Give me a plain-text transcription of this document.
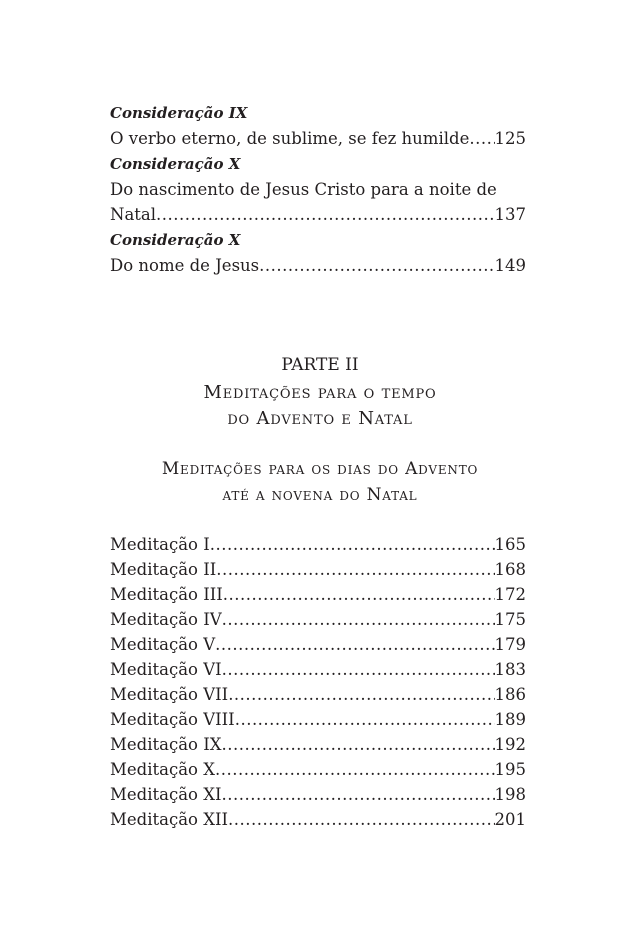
Consideração IX
O verbo eterno, de sublime, se fez humilde ..... 125
Consideração X
Do nascimento de Jesus Cristo para a noite de
Natal .....	137
Consideração X
Do nome de Jesus .....	149
PARTE II
Meditações para o tempo
do Advento e Natal
Meditações para os dias do Advento
até a novena do Natal
Meditação I .....	165
Meditação II .....	168
Meditação III .....	172
Meditação IV .....	175
Meditação V .....	179
Meditação VI .....	183
Meditação VII .....	186
Meditação VIII .....	189
Meditação IX .....	192
Meditação X .....	195
Meditação XI .....	198
Meditação XII .....	201
